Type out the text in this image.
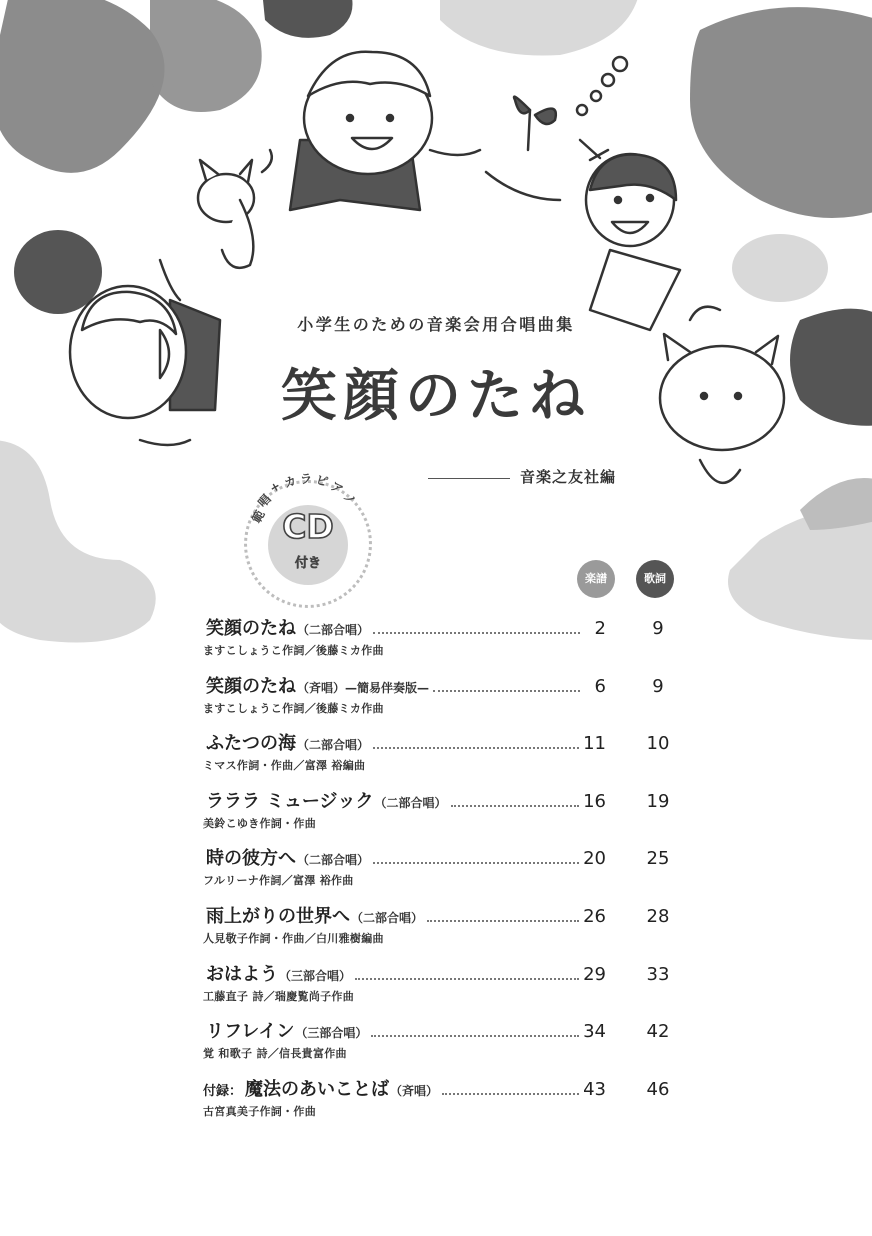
小学生のための音楽会用合唱曲集
笑顔のたね
音楽之友社編
CD
付き
範
唱
+ カ ラ ピ
ア
ノ
楽譜	歌詞
笑顔のたね （二部合唱）	2	9
ますこしょうこ作詞／後藤ミカ作曲
笑顔のたね （斉唱）—簡易伴奏版—	6	9
ますこしょうこ作詞／後藤ミカ作曲
ふたつの海 （二部合唱）	11 10
ミマス作詞・作曲／富澤 裕編曲
ラララ ミュージック （二部合唱）	16 19
美鈴こゆき作詞・作曲
時の彼方へ （二部合唱）	20 25
フルリーナ作詞／富澤 裕作曲
雨上がりの世界へ （二部合唱）	26 28
人見敬子作詞・作曲／白川雅樹編曲
おはよう （三部合唱）	29 33
工藤直子 詩／瑞慶覧尚子作曲
リフレイン （三部合唱）	34 42
覚 和歌子 詩／信長貴富作曲
付録： 魔法のあいことば （斉唱）	43 46
古宮真美子作詞・作曲
